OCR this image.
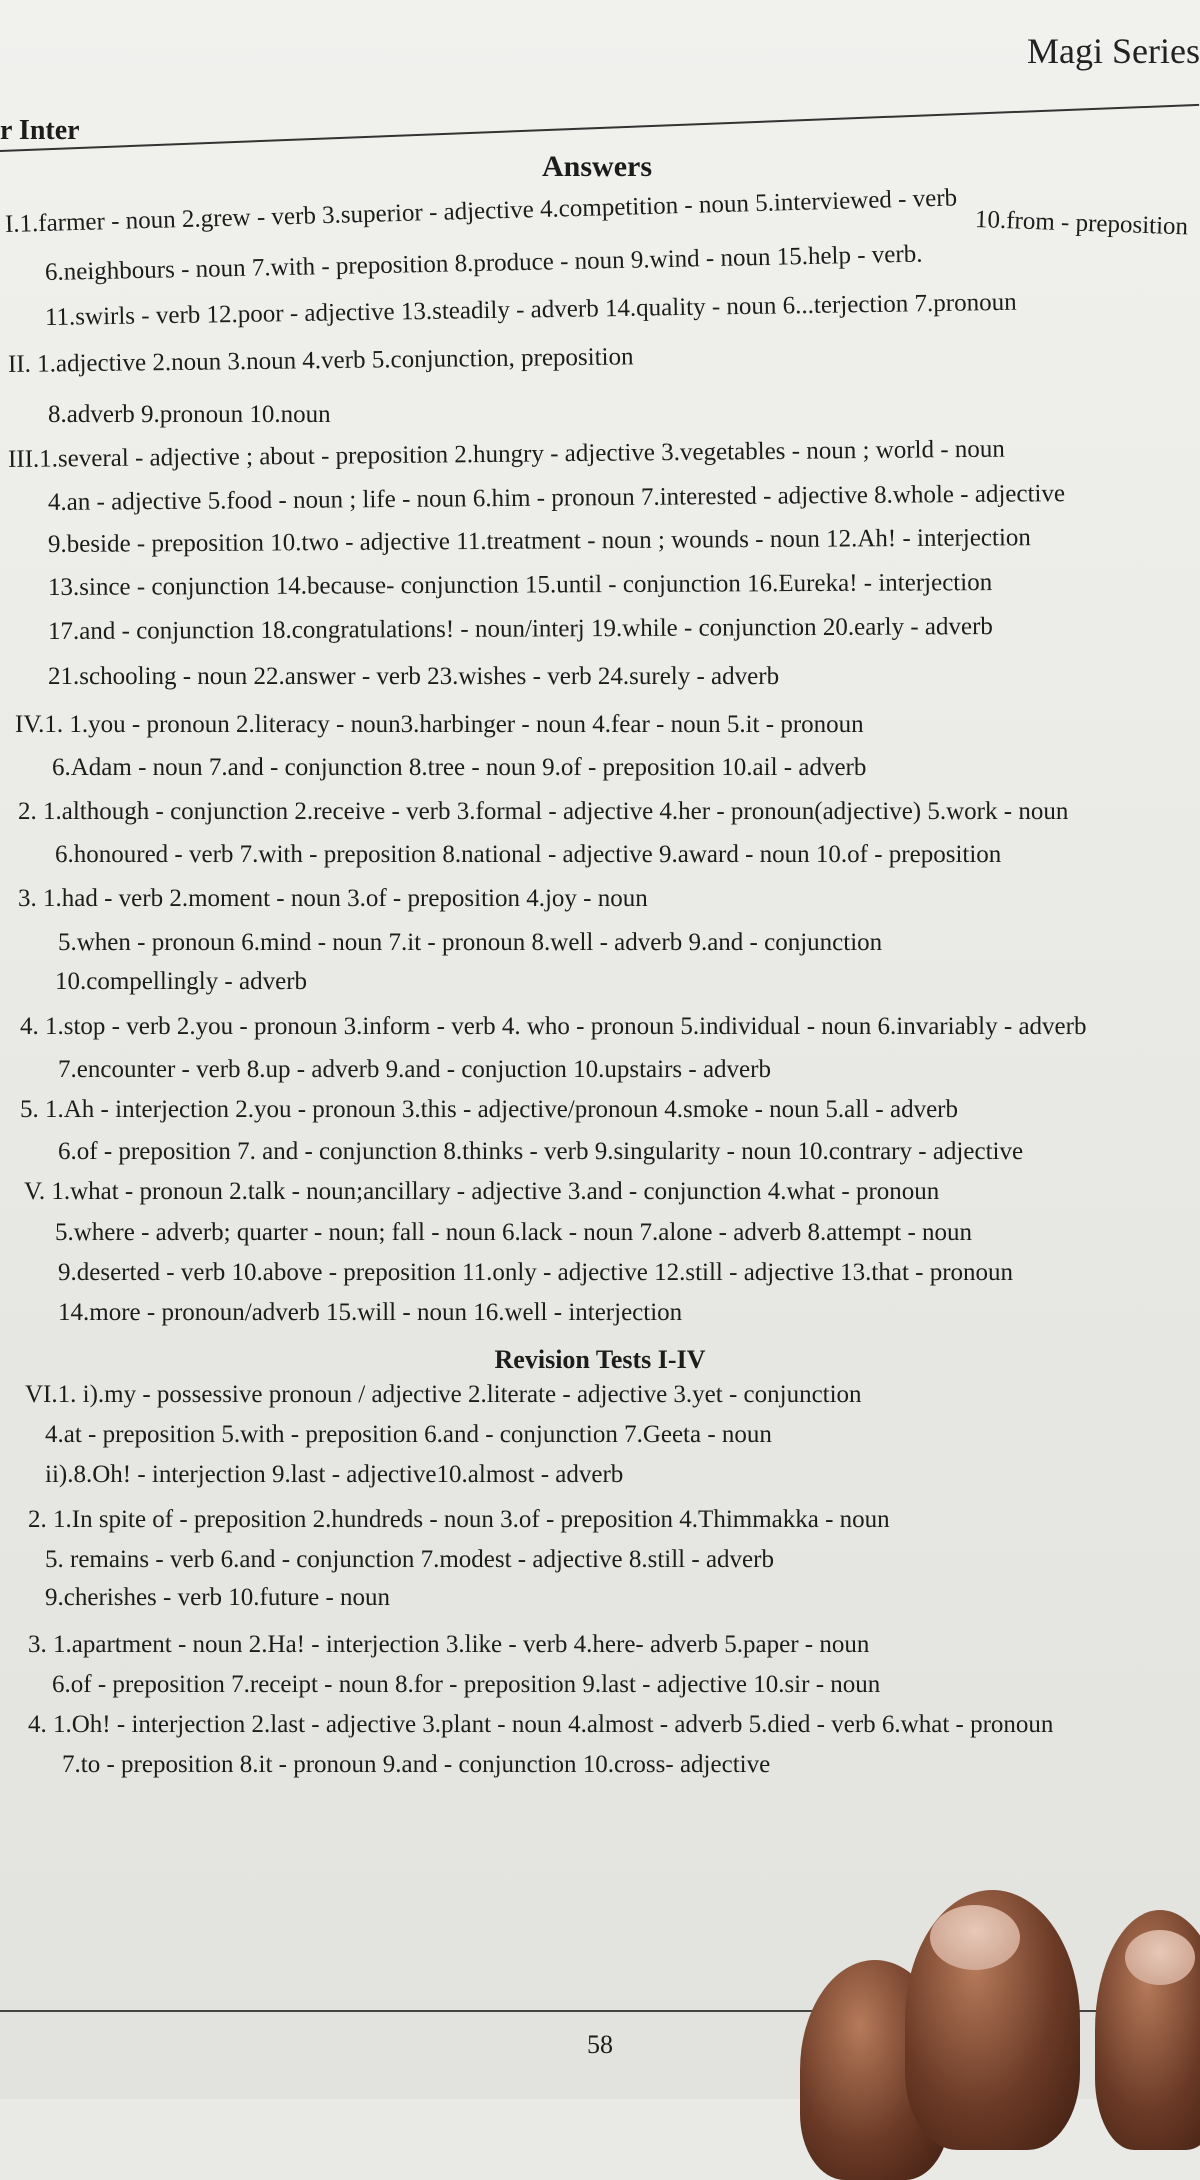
Magi Series
r Inter
Answers
I.1.farmer - noun 2.grew - verb 3.superior - adjective 4.competition - noun 5.interviewed - verb 10.from - preposition
6.neighbours - noun 7.with - preposition 8.produce - noun 9.wind - noun 15.help - verb.
11.swirls - verb 12.poor - adjective 13.steadily - adverb 14.quality - noun 6...terjection 7.pronoun
II. 1.adjective 2.noun 3.noun 4.verb 5.conjunction, preposition
8.adverb 9.pronoun 10.noun
III.1.several - adjective ; about - preposition 2.hungry - adjective 3.vegetables - noun ; world - noun
4.an - adjective 5.food - noun ; life - noun 6.him - pronoun 7.interested - adjective 8.whole - adjective
9.beside - preposition 10.two - adjective 11.treatment - noun ; wounds - noun 12.Ah! - interjection
13.since - conjunction 14.because- conjunction 15.until - conjunction 16.Eureka! - interjection
17.and - conjunction 18.congratulations! - noun/interj 19.while - conjunction 20.early - adverb
21.schooling - noun 22.answer - verb 23.wishes - verb 24.surely - adverb
IV.1. 1.you - pronoun 2.literacy - noun3.harbinger - noun 4.fear - noun 5.it - pronoun
6.Adam - noun 7.and - conjunction 8.tree - noun 9.of - preposition 10.ail - adverb
2. 1.although - conjunction 2.receive - verb 3.formal - adjective 4.her - pronoun(adjective) 5.work - noun
6.honoured - verb 7.with - preposition 8.national - adjective 9.award - noun 10.of - preposition
3. 1.had - verb 2.moment - noun 3.of - preposition 4.joy - noun
5.when - pronoun 6.mind - noun 7.it - pronoun 8.well - adverb 9.and - conjunction
10.compellingly - adverb
4. 1.stop - verb 2.you - pronoun 3.inform - verb 4. who - pronoun 5.individual - noun 6.invariably - adverb
7.encounter - verb 8.up - adverb 9.and - conjuction 10.upstairs - adverb
5. 1.Ah - interjection 2.you - pronoun 3.this - adjective/pronoun 4.smoke - noun 5.all - adverb
6.of - preposition 7. and - conjunction 8.thinks - verb 9.singularity - noun 10.contrary - adjective
V. 1.what - pronoun 2.talk - noun;ancillary - adjective 3.and - conjunction 4.what - pronoun
5.where - adverb; quarter - noun; fall - noun 6.lack - noun 7.alone - adverb 8.attempt - noun
9.deserted - verb 10.above - preposition 11.only - adjective 12.still - adjective 13.that - pronoun
14.more - pronoun/adverb 15.will - noun 16.well - interjection
Revision Tests I-IV
VI.1. i).my - possessive pronoun / adjective 2.literate - adjective 3.yet - conjunction
4.at - preposition 5.with - preposition 6.and - conjunction 7.Geeta - noun
ii).8.Oh! - interjection 9.last - adjective10.almost - adverb
2. 1.In spite of - preposition 2.hundreds - noun 3.of - preposition 4.Thimmakka - noun
5. remains - verb 6.and - conjunction 7.modest - adjective 8.still - adverb
9.cherishes - verb 10.future - noun
3. 1.apartment - noun 2.Ha! - interjection 3.like - verb 4.here- adverb 5.paper - noun
6.of - preposition 7.receipt - noun 8.for - preposition 9.last - adjective 10.sir - noun
4. 1.Oh! - interjection 2.last - adjective 3.plant - noun 4.almost - adverb 5.died - verb 6.what - pronoun
7.to - preposition 8.it - pronoun 9.and - conjunction 10.cross- adjective
58
